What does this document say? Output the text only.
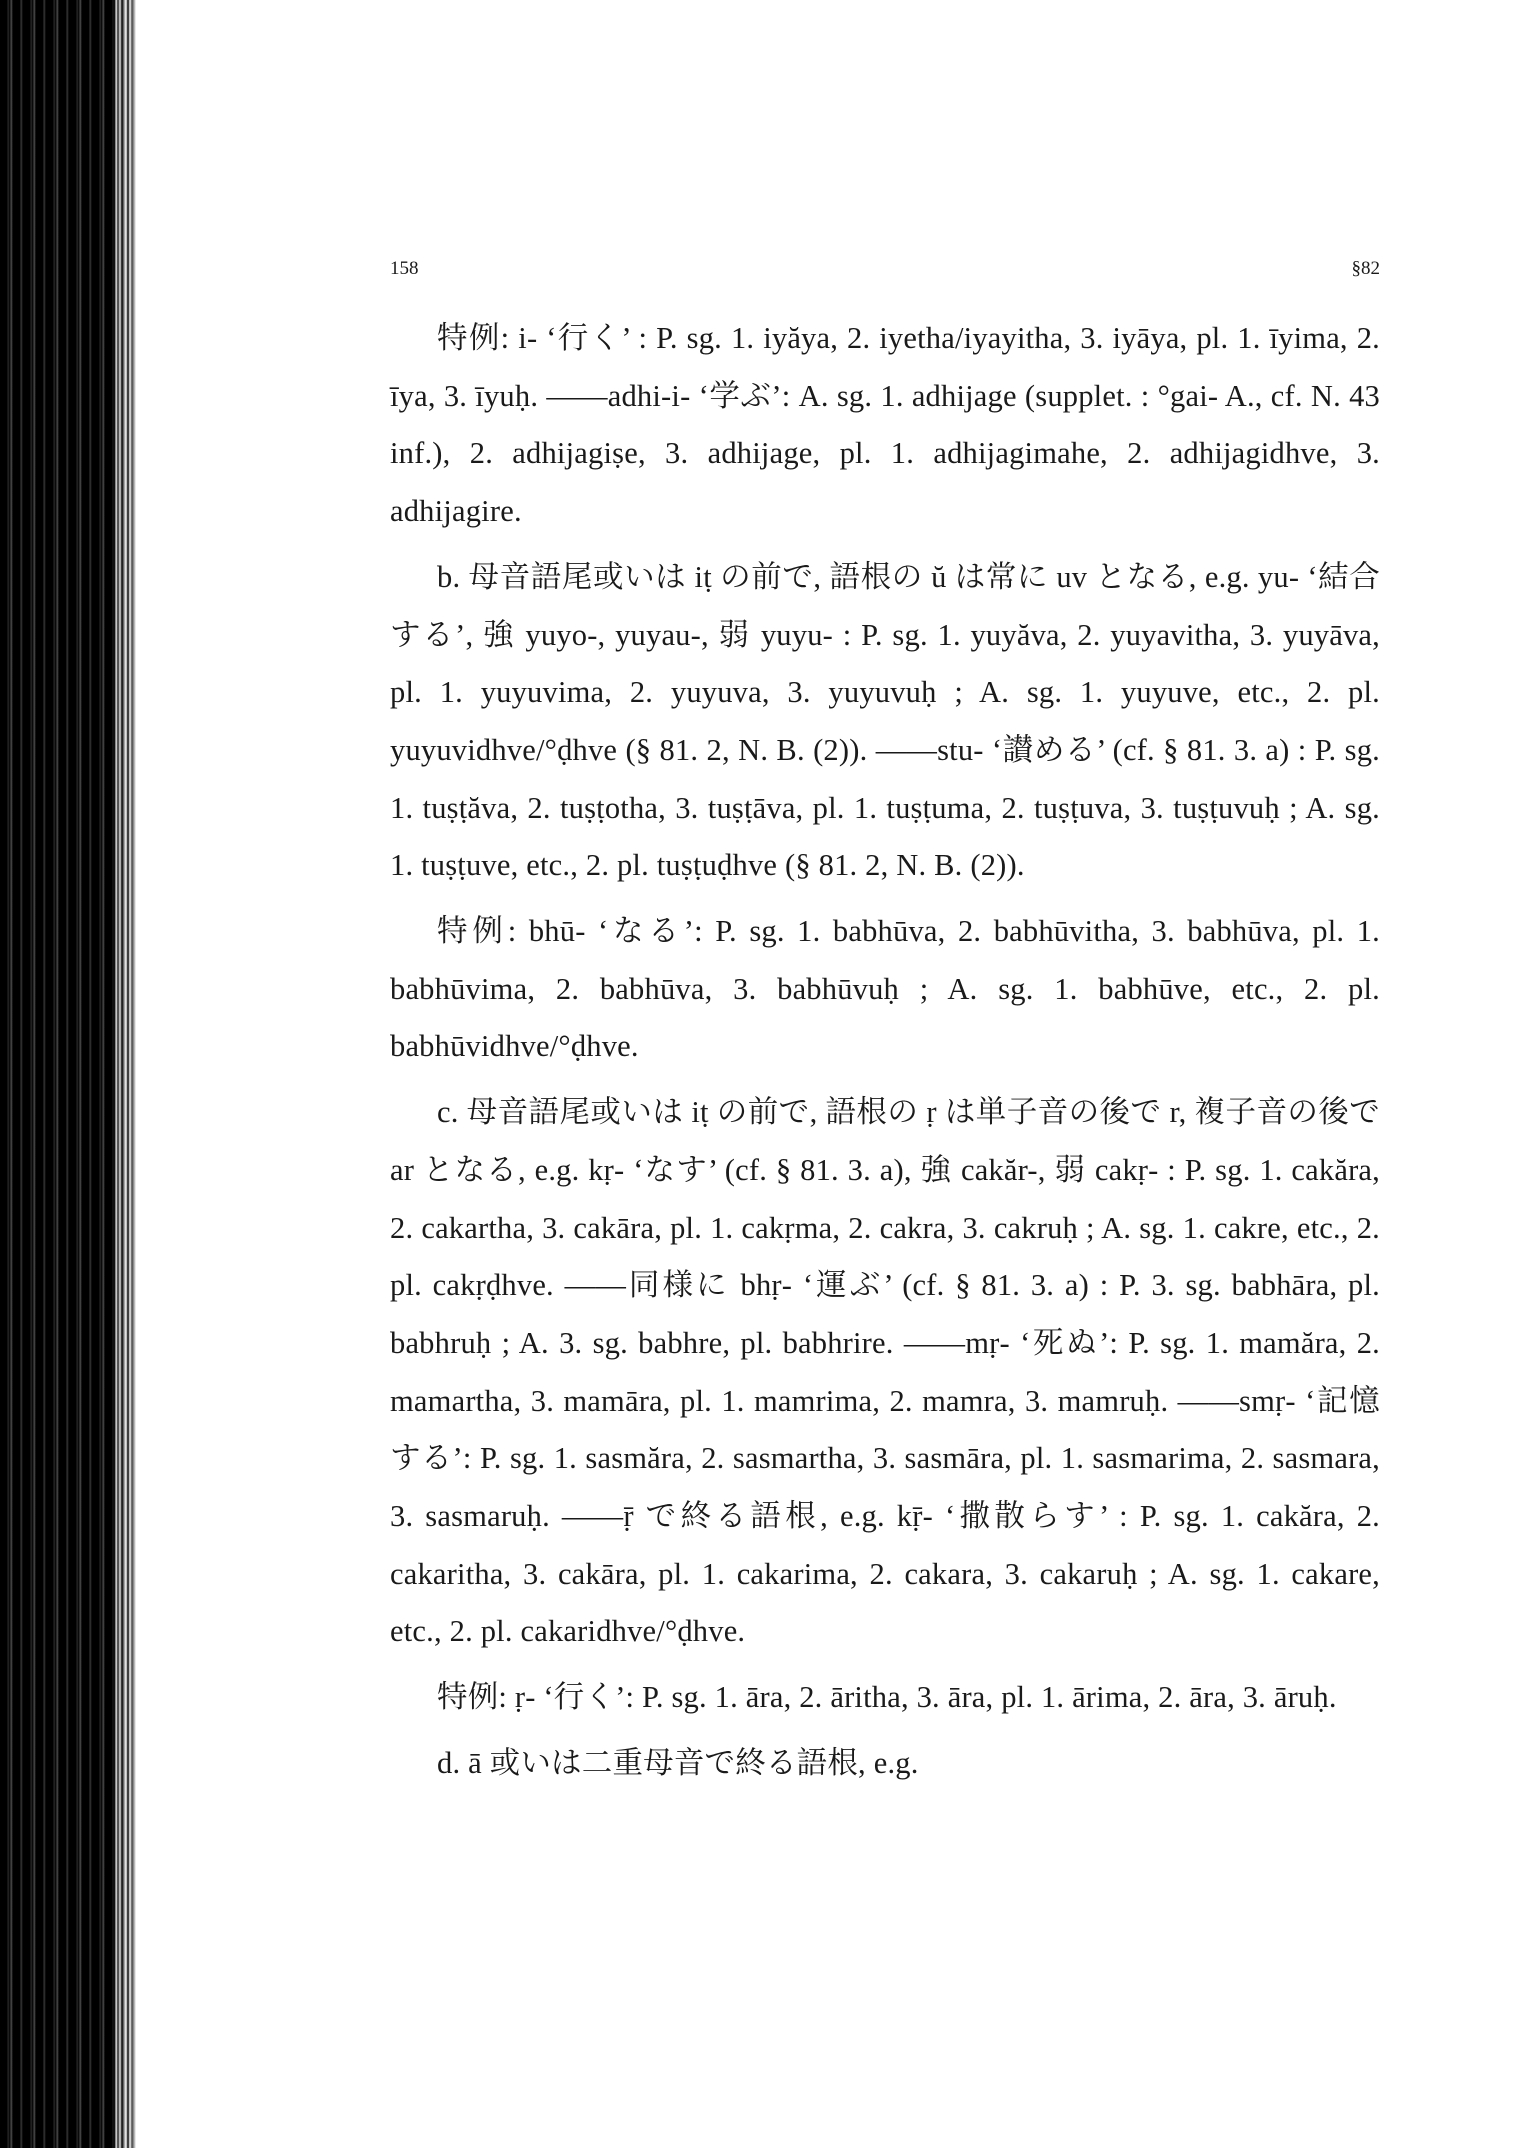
158	§82

特例: i- ‘行く’ : P. sg. 1. iyăya, 2. iyetha/iyayitha, 3. iyāya, pl. 1. īyima, 2. īya, 3. īyuḥ. ——adhi-i- ‘学ぶ’: A. sg. 1. adhijage (supplet. : °gai- A., cf. N. 43 inf.), 2. adhijagiṣe, 3. adhijage, pl. 1. adhijagimahe, 2. adhijagidhve, 3. adhijagire.

b. 母音語尾或いは iṭ の前で, 語根の ŭ は常に uv となる, e.g. yu- ‘結合する’, 強 yuyo-, yuyau-, 弱 yuyu- : P. sg. 1. yuyăva, 2. yuyavitha, 3. yuyāva, pl. 1. yuyuvima, 2. yuyuva, 3. yuyuvuḥ ; A. sg. 1. yuyuve, etc., 2. pl. yuyuvidhve/°ḍhve (§ 81. 2, N. B. (2)). ——stu- ‘讃める’ (cf. § 81. 3. a) : P. sg. 1. tuṣṭăva, 2. tuṣṭotha, 3. tuṣṭāva, pl. 1. tuṣṭuma, 2. tuṣṭuva, 3. tuṣṭuvuḥ ; A. sg. 1. tuṣṭuve, etc., 2. pl. tuṣṭuḍhve (§ 81. 2, N. B. (2)).

特例: bhū- ‘なる’: P. sg. 1. babhūva, 2. babhūvitha, 3. babhūva, pl. 1. babhūvima, 2. babhūva, 3. babhūvuḥ ; A. sg. 1. babhūve, etc., 2. pl. babhūvidhve/°ḍhve.

c. 母音語尾或いは iṭ の前で, 語根の ṛ は単子音の後で r, 複子音の後で ar となる, e.g. kṛ- ‘なす’ (cf. § 81. 3. a), 強 cakăr-, 弱 cakṛ- : P. sg. 1. cakăra, 2. cakartha, 3. cakāra, pl. 1. cakṛma, 2. cakra, 3. cakruḥ ; A. sg. 1. cakre, etc., 2. pl. cakṛḍhve. ——同様に bhṛ- ‘運ぶ’ (cf. § 81. 3. a) : P. 3. sg. babhāra, pl. babhruḥ ; A. 3. sg. babhre, pl. babhrire. ——mṛ- ‘死ぬ’: P. sg. 1. mamăra, 2. mamartha, 3. mamāra, pl. 1. mamrima, 2. mamra, 3. mamruḥ. ——smṛ- ‘記憶する’: P. sg. 1. sasmăra, 2. sasmartha, 3. sasmāra, pl. 1. sasmarima, 2. sasmara, 3. sasmaruḥ. ——ṝ で終る語根, e.g. kṝ- ‘撒散らす’ : P. sg. 1. cakăra, 2. cakaritha, 3. cakāra, pl. 1. cakarima, 2. cakara, 3. cakaruḥ ; A. sg. 1. cakare, etc., 2. pl. cakaridhve/°ḍhve.

特例: ṛ- ‘行く’: P. sg. 1. āra, 2. āritha, 3. āra, pl. 1. ārima, 2. āra, 3. āruḥ.

d. ā 或いは二重母音で終る語根, e.g.
